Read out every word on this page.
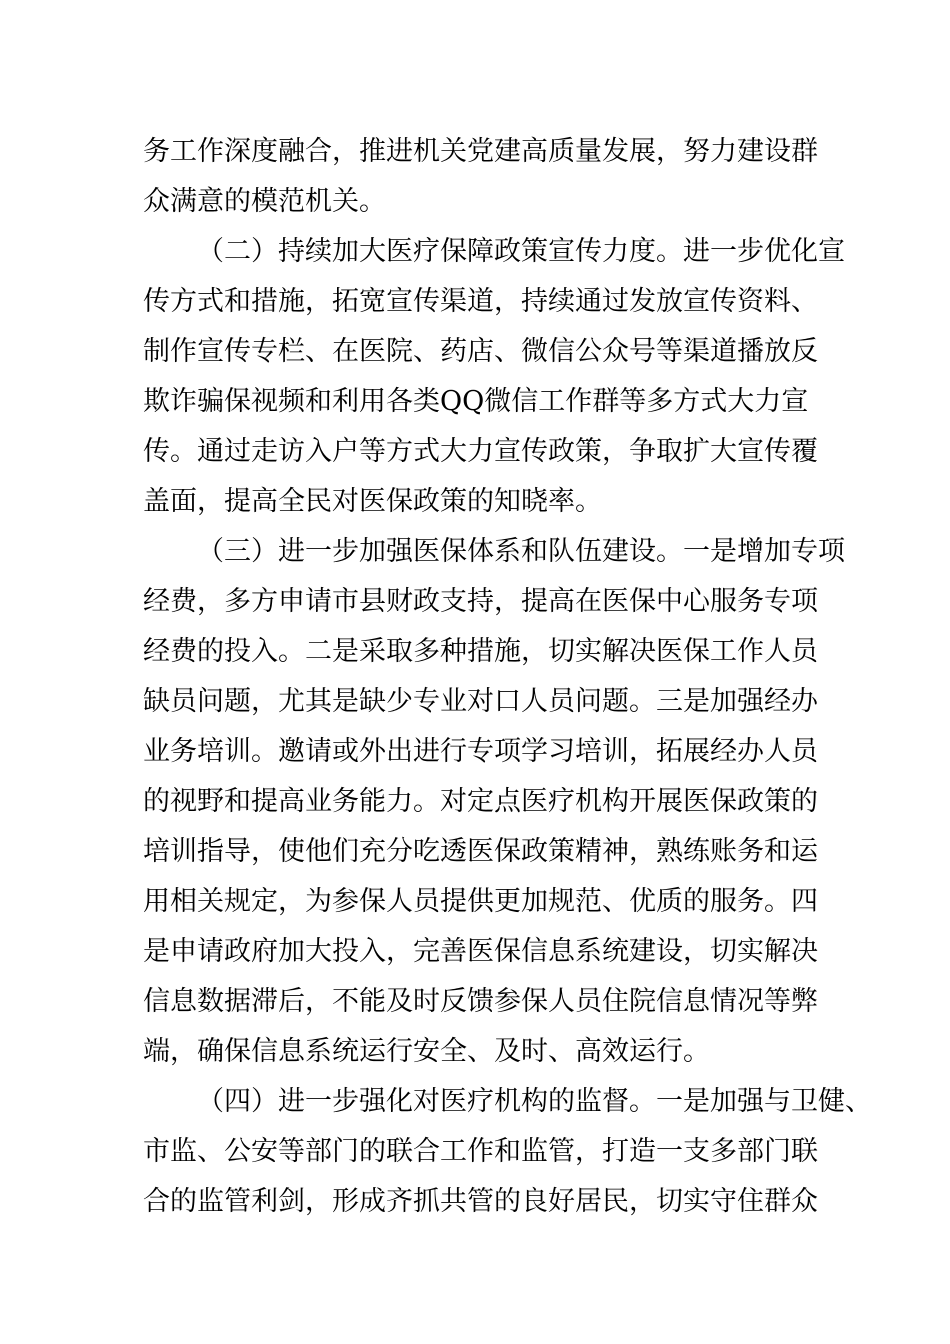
务工作深度融合，推进机关党建高质量发展，努力建设群
众满意的模范机关。
（二）持续加大医疗保障政策宣传力度。进一步优化宣
传方式和措施，拓宽宣传渠道，持续通过发放宣传资料、
制作宣传专栏、在医院、药店、微信公众号等渠道播放反
欺诈骗保视频和利用各类QQ微信工作群等多方式大力宣
传。通过走访入户等方式大力宣传政策，争取扩大宣传覆
盖面，提高全民对医保政策的知晓率。
（三）进一步加强医保体系和队伍建设。一是增加专项
经费，多方申请市县财政支持，提高在医保中心服务专项
经费的投入。二是采取多种措施，切实解决医保工作人员
缺员问题，尤其是缺少专业对口人员问题。三是加强经办
业务培训。邀请或外出进行专项学习培训，拓展经办人员
的视野和提高业务能力。对定点医疗机构开展医保政策的
培训指导，使他们充分吃透医保政策精神，熟练账务和运
用相关规定，为参保人员提供更加规范、优质的服务。四
是申请政府加大投入，完善医保信息系统建设，切实解决
信息数据滞后，不能及时反馈参保人员住院信息情况等弊
端，确保信息系统运行安全、及时、高效运行。
（四）进一步强化对医疗机构的监督。一是加强与卫健、
市监、公安等部门的联合工作和监管，打造一支多部门联
合的监管利剑，形成齐抓共管的良好居民，切实守住群众
